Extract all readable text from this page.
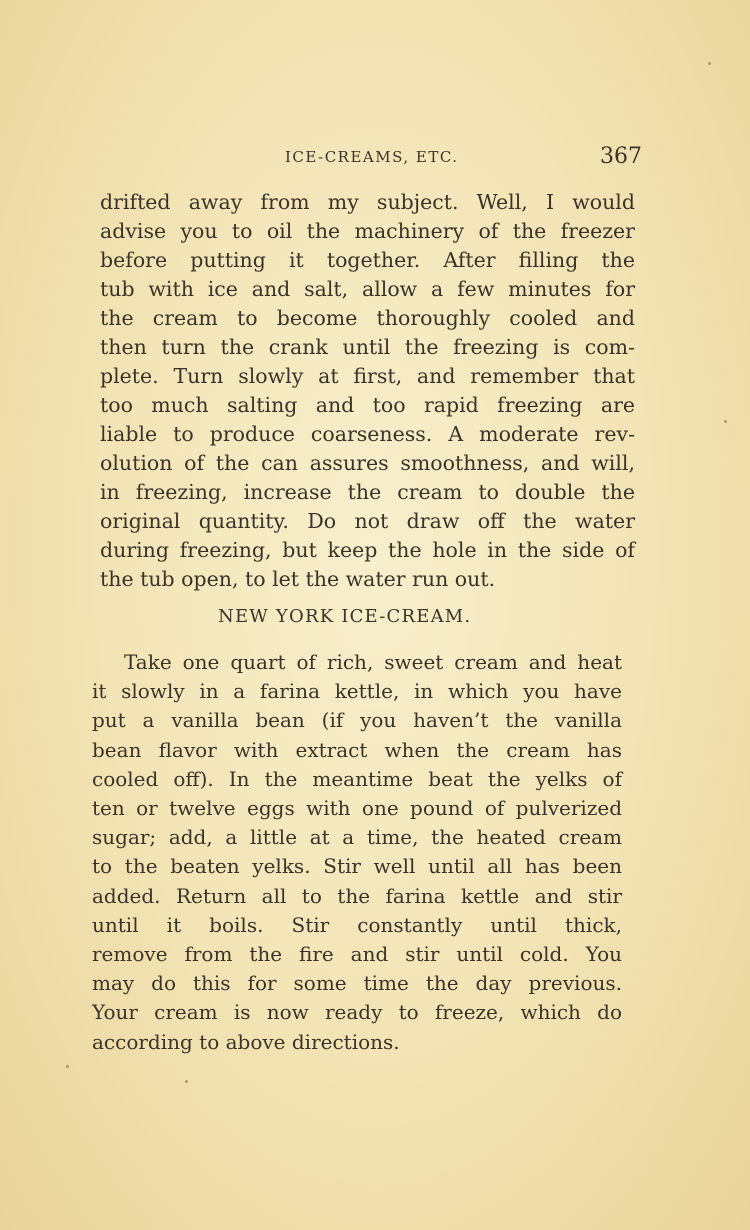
ICE-CREAMS, ETC.	367
drifted away from my subject. Well, I would
advise you to oil the machinery of the freezer
before putting it together. After filling the
tub with ice and salt, allow a few minutes for
the cream to become thoroughly cooled and
then turn the crank until the freezing is com-
plete. Turn slowly at first, and remember that
too much salting and too rapid freezing are
liable to produce coarseness. A moderate rev-
olution of the can assures smoothness, and will,
in freezing, increase the cream to double the
original quantity. Do not draw off the water
during freezing, but keep the hole in the side of
the tub open, to let the water run out.
NEW YORK ICE-CREAM.
Take one quart of rich, sweet cream and heat
it slowly in a farina kettle, in which you have
put a vanilla bean (if you haven’t the vanilla
bean flavor with extract when the cream has
cooled off). In the meantime beat the yelks of
ten or twelve eggs with one pound of pulverized
sugar; add, a little at a time, the heated cream
to the beaten yelks. Stir well until all has been
added. Return all to the farina kettle and stir
until it boils. Stir constantly until thick,
remove from the fire and stir until cold. You
may do this for some time the day previous.
Your cream is now ready to freeze, which do
according to above directions.
